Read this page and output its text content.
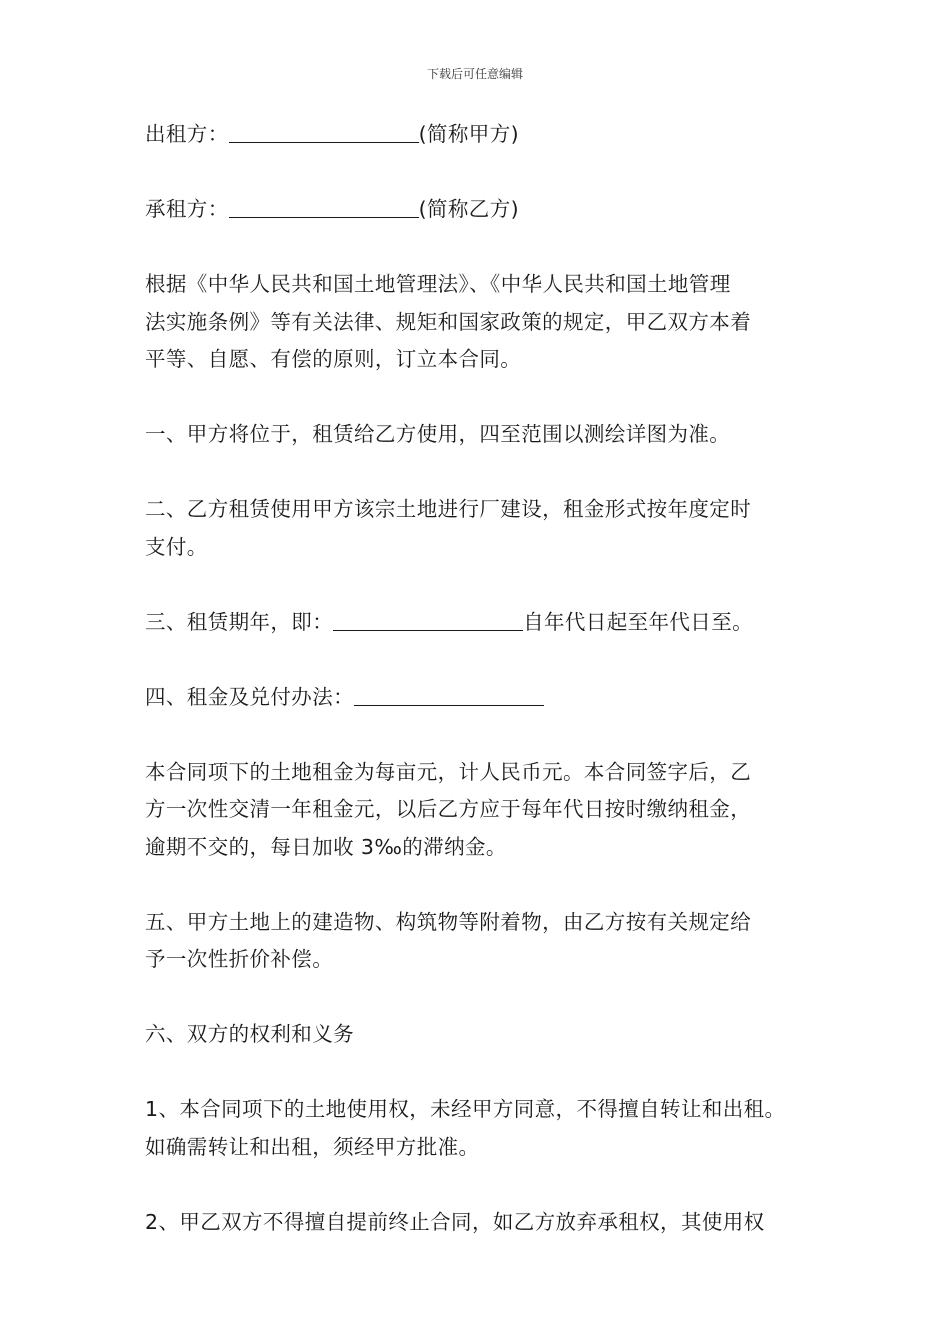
下载后可任意编辑

出租方：	(简称甲方)

承租方：	(简称乙方)

根据《中华人民共和国土地管理法》、《中华人民共和国土地管理
法实施条例》等有关法律、规矩和国家政策的规定，甲乙双方本着
平等、自愿、有偿的原则，订立本合同。

一、甲方将位于，租赁给乙方使用，四至范围以测绘详图为准。

二、乙方租赁使用甲方该宗土地进行厂建设，租金形式按年度定时
支付。

三、租赁期年，即：	自年代日起至年代日至。

四、租金及兑付办法：

本合同项下的土地租金为每亩元，计人民币元。本合同签字后，乙
方一次性交清一年租金元，以后乙方应于每年代日按时缴纳租金，
逾期不交的，每日加收 3‰的滞纳金。

五、甲方土地上的建造物、构筑物等附着物，由乙方按有关规定给
予一次性折价补偿。

六、双方的权利和义务

1、本合同项下的土地使用权，未经甲方同意，不得擅自转让和出租。
如确需转让和出租，须经甲方批准。

2、甲乙双方不得擅自提前终止合同，如乙方放弃承租权，其使用权
